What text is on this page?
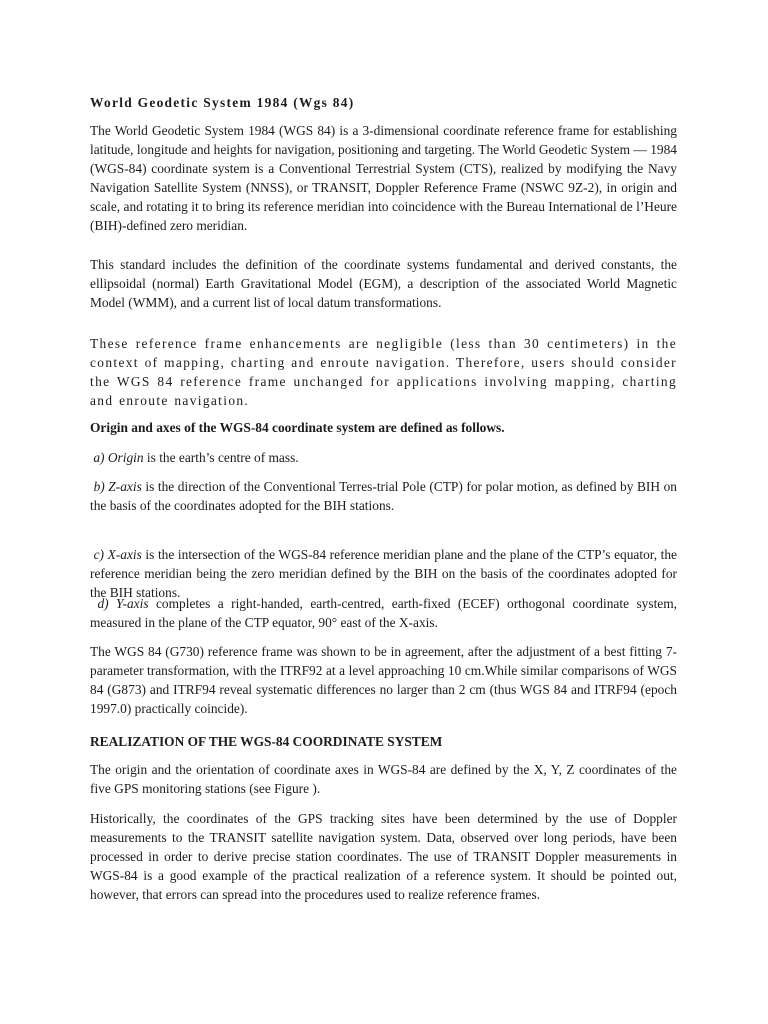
World Geodetic System 1984 (Wgs 84)

The World Geodetic System 1984 (WGS 84) is a 3-dimensional coordinate reference frame for establishing latitude, longitude and heights for navigation, positioning and targeting. The World Geodetic System — 1984 (WGS-84) coordinate system is a Conventional Terrestrial System (CTS), realized by modifying the Navy Navigation Satellite System (NNSS), or TRANSIT, Doppler Reference Frame (NSWC 9Z-2), in origin and scale, and rotating it to bring its reference meridian into coincidence with the Bureau International de l’Heure (BIH)-defined zero meridian.

This standard includes the definition of the coordinate systems fundamental and derived constants, the ellipsoidal (normal) Earth Gravitational Model (EGM), a description of the associated World Magnetic Model (WMM), and a current list of local datum transformations.

These reference frame enhancements are negligible (less than 30 centimeters) in the context of mapping, charting and enroute navigation. Therefore, users should consider the WGS 84 reference frame unchanged for applications involving mapping, charting and enroute navigation.

Origin and axes of the WGS-84 coordinate system are defined as follows.

a) Origin is the earth’s centre of mass.

b) Z-axis is the direction of the Conventional Terres-trial Pole (CTP) for polar motion, as defined by BIH on the basis of the coordinates adopted for the BIH stations.

c) X-axis is the intersection of the WGS-84 reference meridian plane and the plane of the CTP’s equator, the reference meridian being the zero meridian defined by the BIH on the basis of the coordinates adopted for the BIH stations.

d) Y-axis completes a right-handed, earth-centred, earth-fixed (ECEF) orthogonal coordinate system, measured in the plane of the CTP equator, 90° east of the X-axis.

The WGS 84 (G730) reference frame was shown to be in agreement, after the adjustment of a best fitting 7-parameter transformation, with the ITRF92 at a level approaching 10 cm.While similar comparisons of WGS 84 (G873) and ITRF94 reveal systematic differences no larger than 2 cm (thus WGS 84 and ITRF94 (epoch 1997.0) practically coincide).

REALIZATION OF THE WGS-84 COORDINATE SYSTEM

The origin and the orientation of coordinate axes in WGS-84 are defined by the X, Y, Z coordinates of the five GPS monitoring stations (see Figure ).

Historically, the coordinates of the GPS tracking sites have been determined by the use of Doppler measurements to the TRANSIT satellite navigation system. Data, observed over long periods, have been processed in order to derive precise station coordinates. The use of TRANSIT Doppler measurements in WGS-84 is a good example of the practical realization of a reference system. It should be pointed out, however, that errors can spread into the procedures used to realize reference frames.
